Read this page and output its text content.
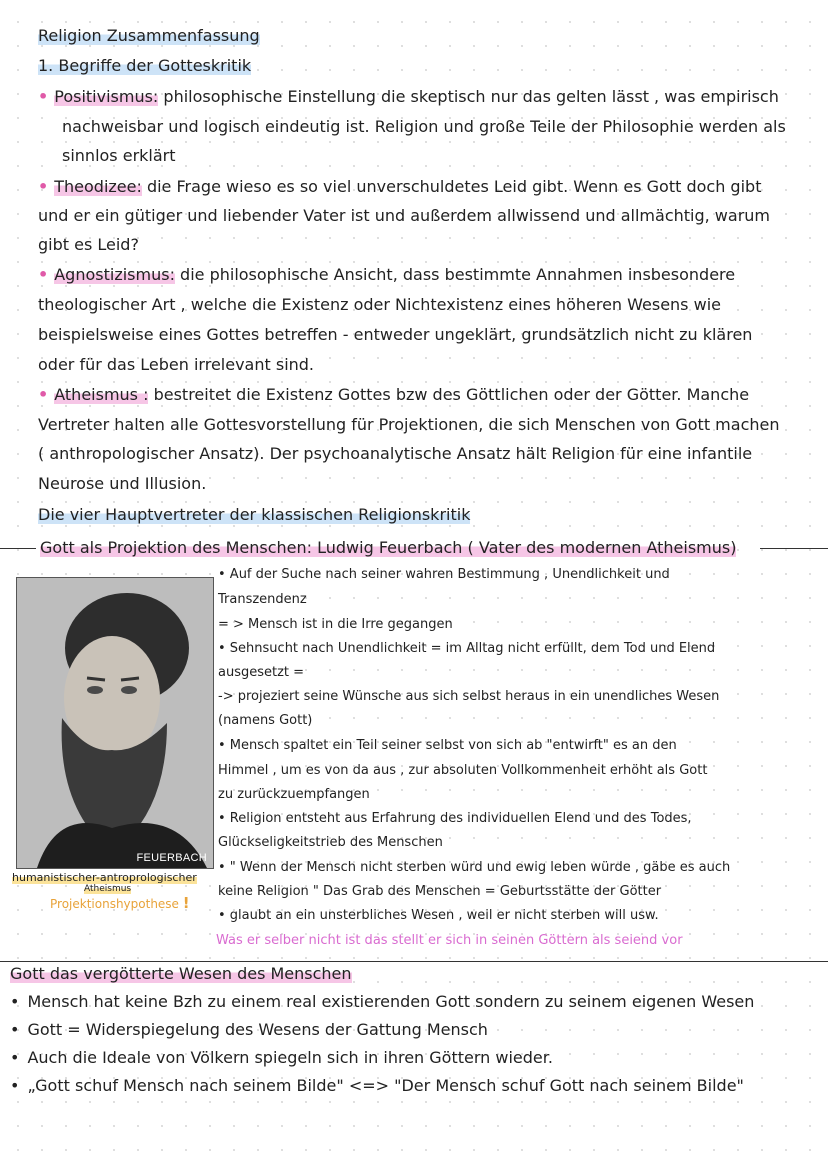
Religion Zusammenfassung
1. Begriffe der Gotteskritik
• Positivismus: philosophische Einstellung die skeptisch nur das gelten lässt , was empirisch
nachweisbar und logisch eindeutig ist. Religion und große Teile der Philosophie werden als
sinnlos erklärt
• Theodizee: die Frage wieso es so viel unverschuldetes Leid gibt. Wenn es Gott doch gibt
und er ein gütiger und liebender Vater ist und außerdem allwissend und allmächtig, warum
gibt es Leid?
• Agnostizismus: die philosophische Ansicht, dass bestimmte Annahmen insbesondere
theologischer Art , welche die Existenz oder Nichtexistenz eines höheren Wesens wie
beispielsweise eines Gottes betreffen - entweder ungeklärt, grundsätzlich nicht zu klären
oder für das Leben irrelevant sind.
• Atheismus : bestreitet die Existenz Gottes bzw des Göttlichen oder der Götter. Manche
Vertreter halten alle Gottesvorstellung für Projektionen, die sich Menschen von Gott machen
( anthropologischer Ansatz). Der psychoanalytische Ansatz hält Religion für eine infantile
Neurose und Illusion.
Die vier Hauptvertreter der klassischen Religionskritik
Gott als Projektion des Menschen: Ludwig Feuerbach ( Vater des modernen Atheismus)
FEUERBACH
humanistischer-antroprologischer
Atheismus
Projektionshypothese !
• Auf der Suche nach seiner wahren Bestimmung , Unendlichkeit und
Transzendenz
= > Mensch ist in die Irre gegangen
• Sehnsucht nach Unendlichkeit = im Alltag nicht erfüllt, dem Tod und Elend
ausgesetzt =
-> projeziert seine Wünsche aus sich selbst heraus in ein unendliches Wesen
(namens Gott)
• Mensch spaltet ein Teil seiner selbst von sich ab "entwirft" es an den
Himmel , um es von da aus , zur absoluten Vollkommenheit erhöht als Gott
zu zurückzuempfangen
• Religion entsteht aus Erfahrung des individuellen Elend und des Todes,
Glückseligkeitstrieb des Menschen
• " Wenn der Mensch nicht sterben würd und ewig leben würde , gäbe es auch
keine Religion " Das Grab des Menschen = Geburtsstätte der Götter
• glaubt an ein unsterbliches Wesen , weil er nicht sterben will usw.
Was er selber nicht ist das stellt er sich in seinen Göttern als seiend vor
Gott das vergötterte Wesen des Menschen
• Mensch hat keine Bzh zu einem real existierenden Gott sondern zu seinem eigenen Wesen
• Gott = Widerspiegelung des Wesens der Gattung Mensch
• Auch die Ideale von Völkern spiegeln sich in ihren Göttern wieder.
• „Gott schuf Mensch nach seinem Bilde" <=> "Der Mensch schuf Gott nach seinem Bilde"
